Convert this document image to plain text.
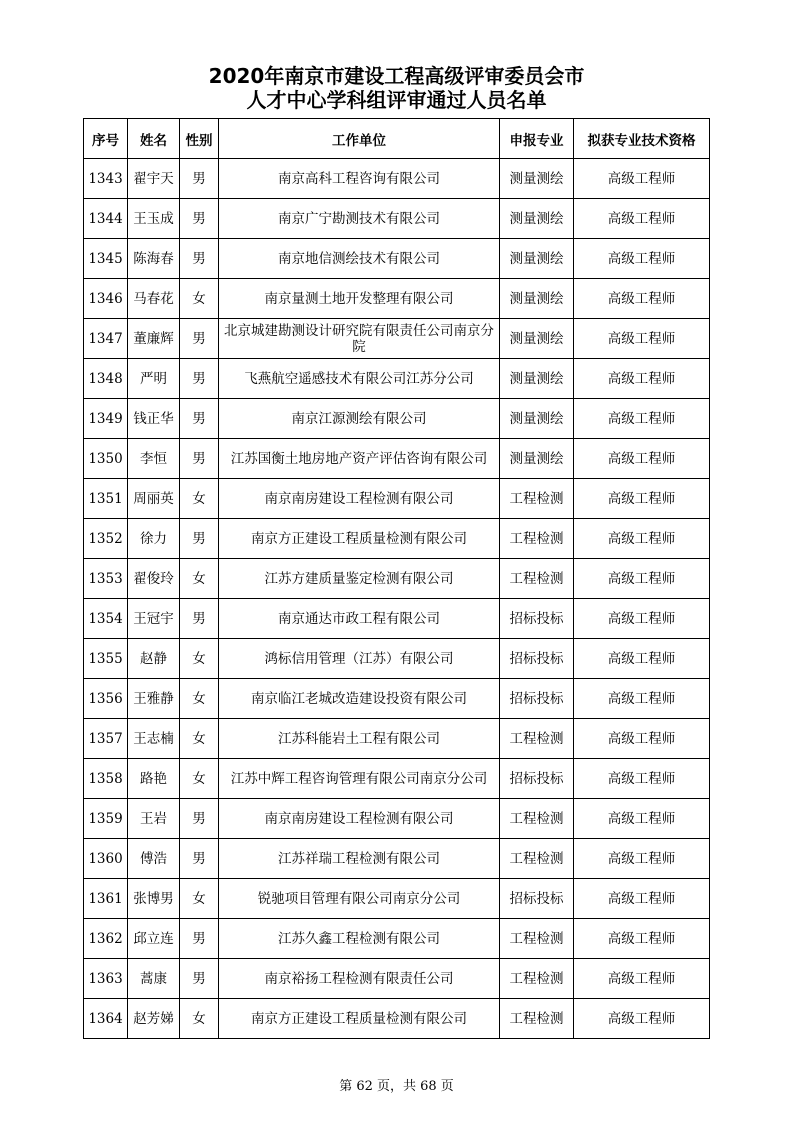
2020年南京市建设工程高级评审委员会市
人才中心学科组评审通过人员名单
序号	姓名	性别	工作单位	申报专业	拟获专业技术资格
1343	翟宇天	男	南京高科工程咨询有限公司	测量测绘	高级工程师
1344	王玉成	男	南京广宁勘测技术有限公司	测量测绘	高级工程师
1345	陈海春	男	南京地信测绘技术有限公司	测量测绘	高级工程师
1346	马春花	女	南京量测土地开发整理有限公司	测量测绘	高级工程师
1347	董廉辉	男	北京城建勘测设计研究院有限责任公司南京分院	测量测绘	高级工程师
1348	严明	男	飞燕航空遥感技术有限公司江苏分公司	测量测绘	高级工程师
1349	钱正华	男	南京江源测绘有限公司	测量测绘	高级工程师
1350	李恒	男	江苏国衡土地房地产资产评估咨询有限公司	测量测绘	高级工程师
1351	周丽英	女	南京南房建设工程检测有限公司	工程检测	高级工程师
1352	徐力	男	南京方正建设工程质量检测有限公司	工程检测	高级工程师
1353	翟俊玲	女	江苏方建质量鉴定检测有限公司	工程检测	高级工程师
1354	王冠宇	男	南京通达市政工程有限公司	招标投标	高级工程师
1355	赵静	女	鸿标信用管理（江苏）有限公司	招标投标	高级工程师
1356	王雅静	女	南京临江老城改造建设投资有限公司	招标投标	高级工程师
1357	王志楠	女	江苏科能岩土工程有限公司	工程检测	高级工程师
1358	路艳	女	江苏中辉工程咨询管理有限公司南京分公司	招标投标	高级工程师
1359	王岩	男	南京南房建设工程检测有限公司	工程检测	高级工程师
1360	傅浩	男	江苏祥瑞工程检测有限公司	工程检测	高级工程师
1361	张博男	女	锐驰项目管理有限公司南京分公司	招标投标	高级工程师
1362	邱立连	男	江苏久鑫工程检测有限公司	工程检测	高级工程师
1363	蒿康	男	南京裕扬工程检测有限责任公司	工程检测	高级工程师
1364	赵芳娣	女	南京方正建设工程质量检测有限公司	工程检测	高级工程师
第 62 页，共 68 页
